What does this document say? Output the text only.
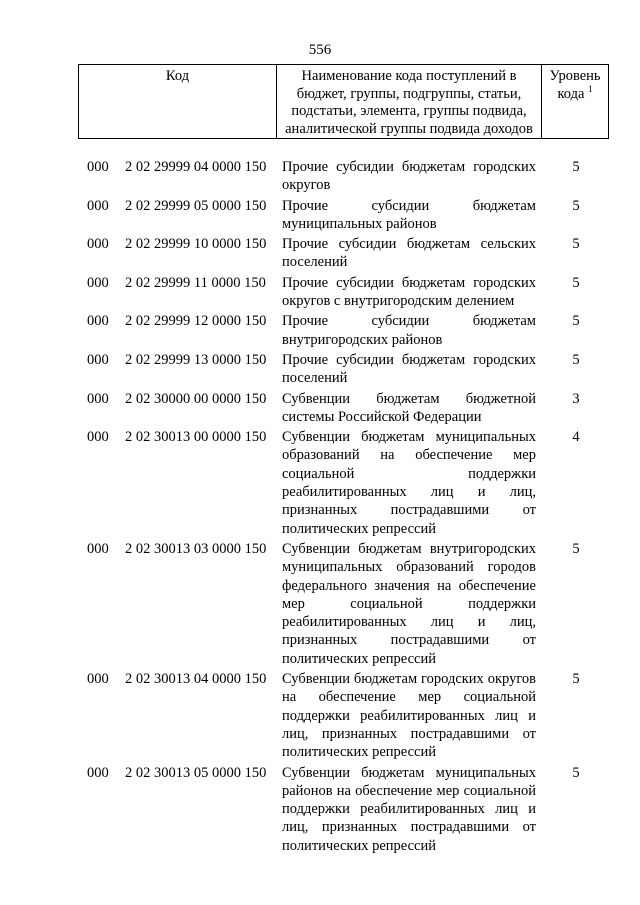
556
Код	Наименование кода поступлений в
бюджет, группы, подгруппы, статьи,
подстатьи, элемента, группы подвида,
аналитической группы подвида доходов
Уровень
кода $^1$
000 2 02 29999 04 0000 150 Прочие субсидии бюджетам городских округов
5
000 2 02 29999 05 0000 150 Прочие субсидии бюджетам муниципальных районов
5
000 2 02 29999 10 0000 150 Прочие субсидии бюджетам сельских поселений
5
000 2 02 29999 11 0000 150 Прочие субсидии бюджетам городских округов с внутригородским делением
5
000 2 02 29999 12 0000 150 Прочие субсидии бюджетам внутригородских районов
5
000 2 02 29999 13 0000 150 Прочие субсидии бюджетам городских поселений
5
000 2 02 30000 00 0000 150 Субвенции бюджетам бюджетной системы Российской Федерации
3
000 2 02 30013 00 0000 150 Субвенции бюджетам муниципальных образований на обеспечение мер социальной поддержки реабилитированных лиц и лиц, признанных пострадавшими от политических репрессий
4
000 2 02 30013 03 0000 150 Субвенции бюджетам внутригородских муниципальных образований городов федерального значения на обеспечение мер социальной поддержки реабилитированных лиц и лиц, признанных пострадавшими от политических репрессий
5
000 2 02 30013 04 0000 150 Субвенции бюджетам городских округов на обеспечение мер социальной поддержки реабилитированных лиц и лиц, признанных пострадавшими от политических репрессий
5
000 2 02 30013 05 0000 150 Субвенции бюджетам муниципальных районов на обеспечение мер социальной поддержки реабилитированных лиц и лиц, признанных пострадавшими от политических репрессий
5
